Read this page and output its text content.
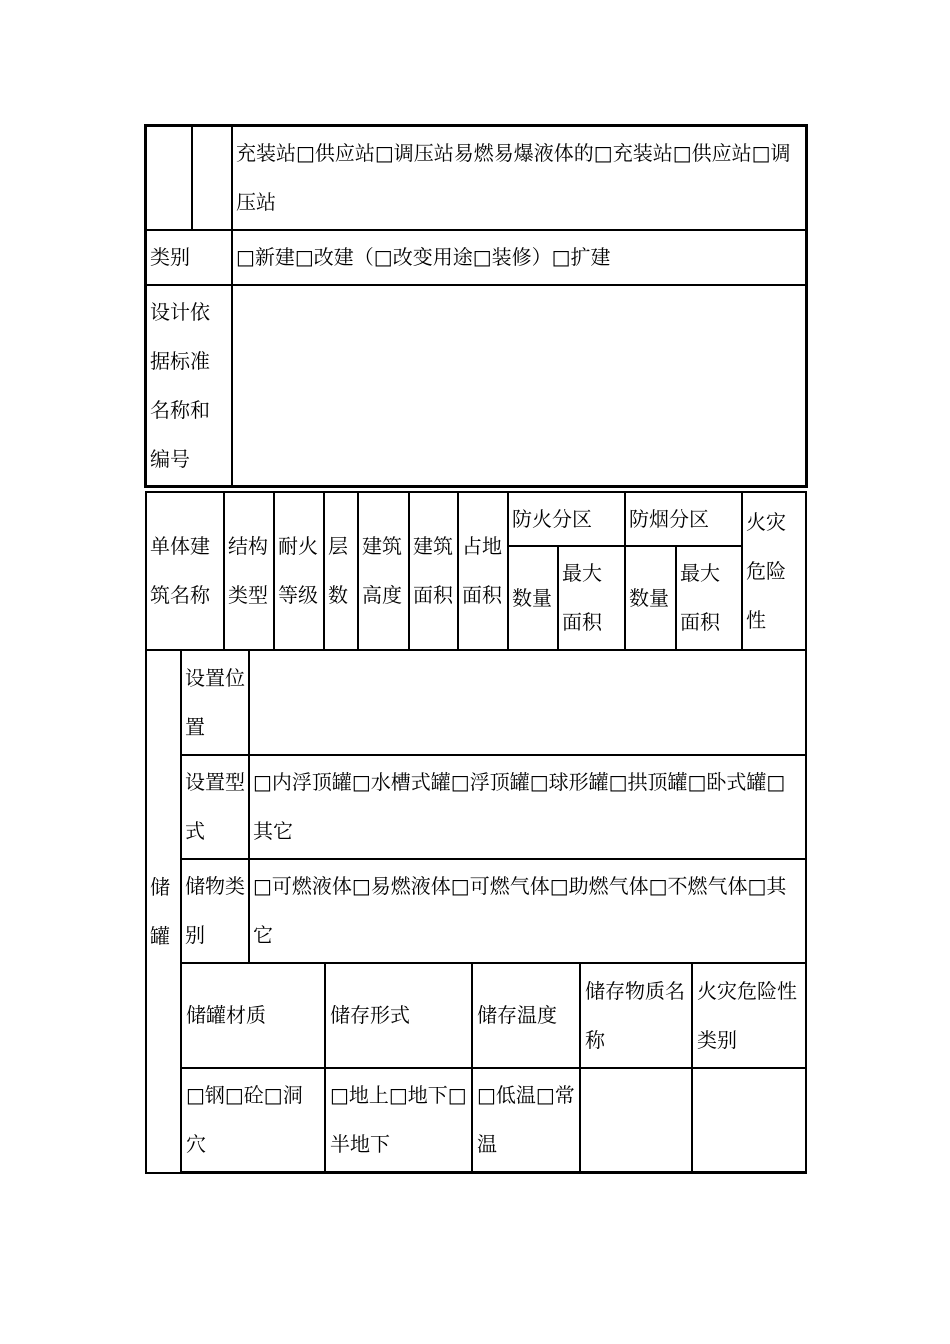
		充装站□供应站□调压站易燃易爆液体的□充装站□供应站□调压站
类别		□新建□改建（□改变用途□装修）□扩建
设计依据标准名称和编号		
单体建筑名称	结构类型	耐火等级	层数	建筑高度	建筑面积	占地面积	防火分区		防烟分区		火灾危险性
							数量	最大面积	数量	最大面积	
储罐	设置位置	
	设置型式	□内浮顶罐□水槽式罐□浮顶罐□球形罐□拱顶罐□卧式罐□其它
	储物类别	□可燃液体□易燃液体□可燃气体□助燃气体□不燃气体□其它

储罐材质	储存形式	储存温度	储存物质名称	火灾危险性类别
□钢□砼□洞穴	□地上□地下□半地下	□低温□常温		
